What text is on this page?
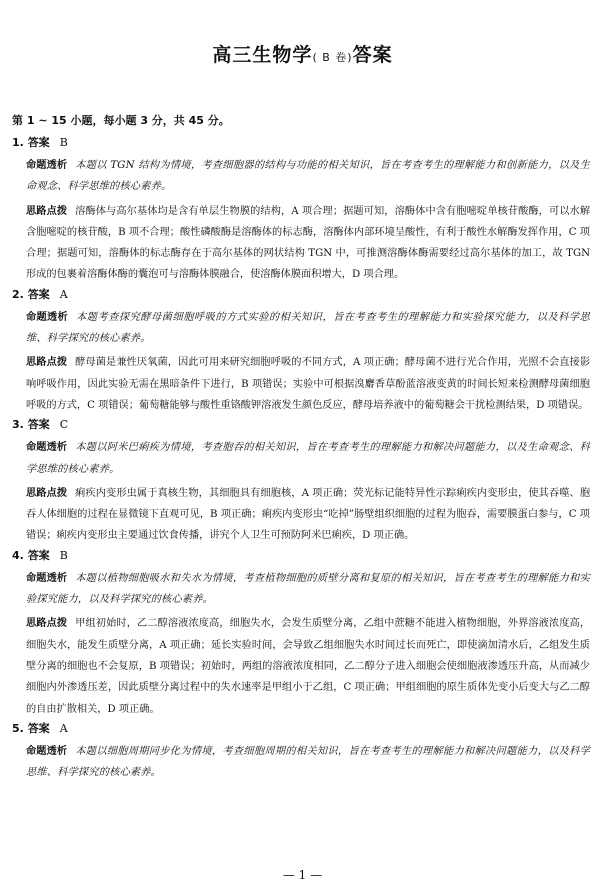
高三生物学( B 卷)答案
第 1 ~ 15 小题，每小题 3 分，共 45 分。
1. 答案 B
命题透析 本题以 TGN 结构为情境，考查细胞器的结构与功能的相关知识，旨在考查考生的理解能力和创新能力，以及生命观念、科学思维的核心素养。
思路点拨 溶酶体与高尔基体均是含有单层生物膜的结构，A 项合理；据题可知，溶酶体中含有胞嘧啶单核苷酸酶，可以水解含胞嘧啶的核苷酸，B 项不合理；酸性磷酸酶是溶酶体的标志酶，溶酶体内部环境呈酸性，有利于酸性水解酶发挥作用，C 项合理；据题可知，溶酶体的标志酶存在于高尔基体的网状结构 TGN 中，可推测溶酶体酶需要经过高尔基体的加工，故 TGN 形成的包裹着溶酶体酶的囊泡可与溶酶体膜融合，使溶酶体膜面积增大，D 项合理。
2. 答案 A
命题透析 本题考查探究酵母菌细胞呼吸的方式实验的相关知识，旨在考查考生的理解能力和实验探究能力，以及科学思维、科学探究的核心素养。
思路点拨 酵母菌是兼性厌氧菌，因此可用来研究细胞呼吸的不同方式，A 项正确；酵母菌不进行光合作用，光照不会直接影响呼吸作用，因此实验无需在黑暗条件下进行，B 项错误；实验中可根据溴麝香草酚蓝溶液变黄的时间长短来检测酵母菌细胞呼吸的方式，C 项错误；葡萄糖能够与酸性重铬酸钾溶液发生颜色反应，酵母培养液中的葡萄糖会干扰检测结果，D 项错误。
3. 答案 C
命题透析 本题以阿米巴痢疾为情境，考查胞吞的相关知识，旨在考查考生的理解能力和解决问题能力，以及生命观念、科学思维的核心素养。
思路点拨 痢疾内变形虫属于真核生物，其细胞具有细胞核，A 项正确；荧光标记能特异性示踪痢疾内变形虫，使其吞噬、胞吞人体细胞的过程在显微镜下直观可见，B 项正确；痢疾内变形虫“吃掉”肠壁组织细胞的过程为胞吞，需要膜蛋白参与，C 项错误；痢疾内变形虫主要通过饮食传播，讲究个人卫生可预防阿米巴痢疾，D 项正确。
4. 答案 B
命题透析 本题以植物细胞吸水和失水为情境，考查植物细胞的质壁分离和复原的相关知识，旨在考查考生的理解能力和实验探究能力，以及科学探究的核心素养。
思路点拨 甲组初始时，乙二醇溶液浓度高，细胞失水，会发生质壁分离，乙组中蔗糖不能进入植物细胞，外界溶液浓度高，细胞失水，能发生质壁分离，A 项正确；延长实验时间，会导致乙组细胞失水时间过长而死亡，即使滴加清水后，乙组发生质壁分离的细胞也不会复原，B 项错误；初始时，两组的溶液浓度相同，乙二醇分子进入细胞会使细胞液渗透压升高，从而减少细胞内外渗透压差，因此质壁分离过程中的失水速率是甲组小于乙组，C 项正确；甲组细胞的原生质体先变小后变大与乙二醇的自由扩散相关，D 项正确。
5. 答案 A
命题透析 本题以细胞周期同步化为情境，考查细胞周期的相关知识，旨在考查考生的理解能力和解决问题能力，以及科学思维、科学探究的核心素养。
— 1 —
